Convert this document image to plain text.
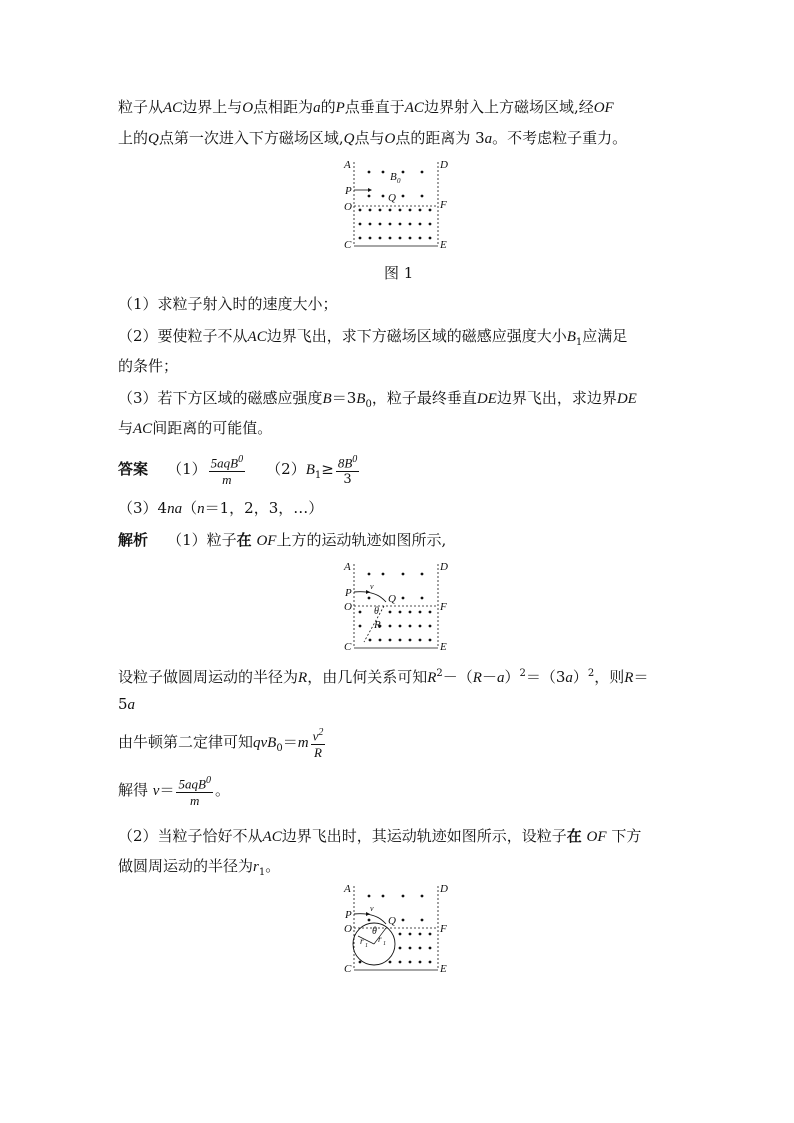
粒子从AC边界上与O点相距为a的P点垂直于AC边界射入上方磁场区域,经OF
上的Q点第一次进入下方磁场区域,Q点与O点的距离为 3a。不考虑粒子重力。
A	D
P
O	F
C	E
Q
B 0
图 1
（1）求粒子射入时的速度大小；
（2）要使粒子不从AC边界飞出，求下方磁场区域的磁感应强度大小$B_1$应满足
的条件；
（3）若下方区域的磁感应强度$B=3B_0$，粒子最终垂直DE边界飞出，求边界DE
与AC间距离的可能值。
答案 $(1) \frac{5aqB^0}{m} (2)B_1\ge \frac{8B^0}{3}$
（3）4na（n＝1，2，3，…）
解析 （1）粒子在 OF上方的运动轨迹如图所示,
A	D
P
O	F
C	E
Q
v
θ
R
设粒子做圆周运动的半径为R，由几何关系可知$R^2-(R-a)^2=(3a)^2$，则R＝
5a
由牛顿第二定律可知$qvB_0=m \frac{v^2}{R}$
解得 $v= \frac{5aqB^0}{m}$ 。
（2）当粒子恰好不从AC边界飞出时，其运动轨迹如图所示，设粒子在 OF 下方
做圆周运动的半径为$r_1$。
A	D
P
O	F
C	E
Q
v
θ
r 1
r 1
